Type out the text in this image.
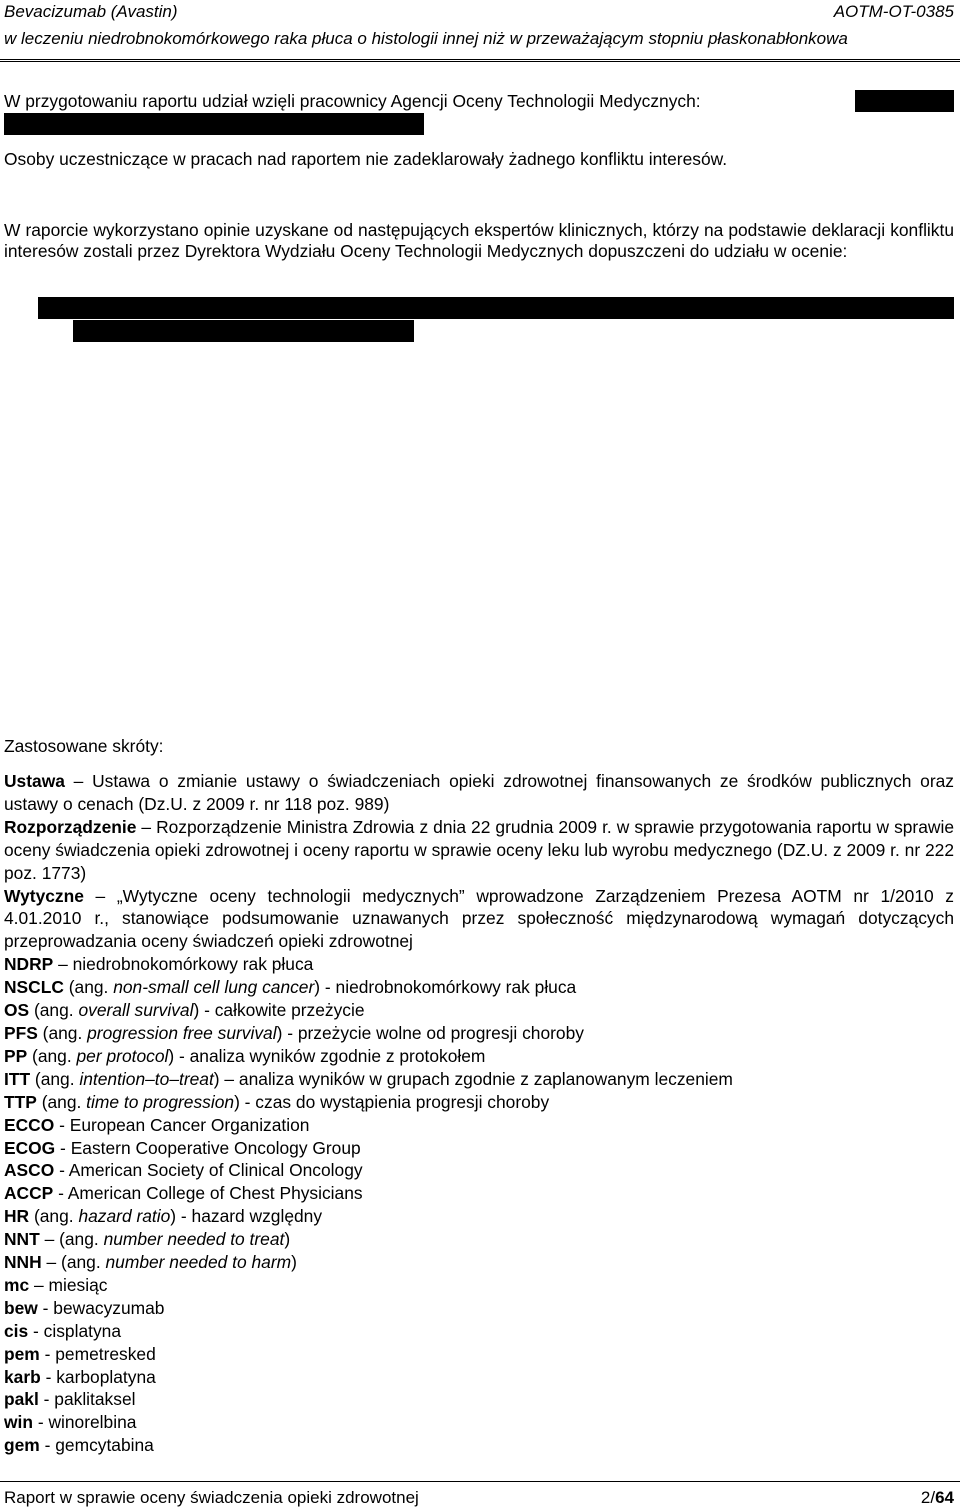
Bevacizumab (Avastin)	AOTM-OT-0385
w leczeniu niedrobnokomórkowego raka płuca o histologii innej niż w przeważającym stopniu płaskonabłonkowa
W przygotowaniu raportu udział wzięli pracownicy Agencji Oceny Technologii Medycznych:
Osoby uczestniczące w pracach nad raportem nie zadeklarowały żadnego konfliktu interesów.
W raporcie wykorzystano opinie uzyskane od następujących ekspertów klinicznych, którzy na podstawie deklaracji konfliktu interesów zostali przez Dyrektora Wydziału Oceny Technologii Medycznych dopuszczeni do udziału w ocenie:
Zastosowane skróty:
Ustawa – Ustawa o zmianie ustawy o świadczeniach opieki zdrowotnej finansowanych ze środków publicznych oraz ustawy o cenach (Dz.U. z 2009 r. nr 118 poz. 989)
Rozporządzenie – Rozporządzenie Ministra Zdrowia z dnia 22 grudnia 2009 r. w sprawie przygotowania raportu w sprawie oceny świadczenia opieki zdrowotnej i oceny raportu w sprawie oceny leku lub wyrobu medycznego (DZ.U. z 2009 r. nr 222 poz. 1773)
Wytyczne – „Wytyczne oceny technologii medycznych” wprowadzone Zarządzeniem Prezesa AOTM nr 1/2010 z 4.01.2010 r., stanowiące podsumowanie uznawanych przez społeczność międzynarodową wymagań dotyczących przeprowadzania oceny świadczeń opieki zdrowotnej
NDRP – niedrobnokomórkowy rak płuca
NSCLC (ang. non-small cell lung cancer) - niedrobnokomórkowy rak płuca
OS (ang. overall survival) - całkowite przeżycie
PFS (ang. progression free survival) - przeżycie wolne od progresji choroby
PP (ang. per protocol) - analiza wyników zgodnie z protokołem
ITT (ang. intention–to–treat) – analiza wyników w grupach zgodnie z zaplanowanym leczeniem
TTP (ang. time to progression) - czas do wystąpienia progresji choroby
ECCO - European Cancer Organization
ECOG - Eastern Cooperative Oncology Group
ASCO - American Society of Clinical Oncology
ACCP - American College of Chest Physicians
HR (ang. hazard ratio) - hazard względny
NNT – (ang. number needed to treat)
NNH – (ang. number needed to harm)
mc – miesiąc
bew - bewacyzumab
cis - cisplatyna
pem - pemetresked
karb - karboplatyna
pakl - paklitaksel
win - winorelbina
gem - gemcytabina
Raport w sprawie oceny świadczenia opieki zdrowotnej	2/64
